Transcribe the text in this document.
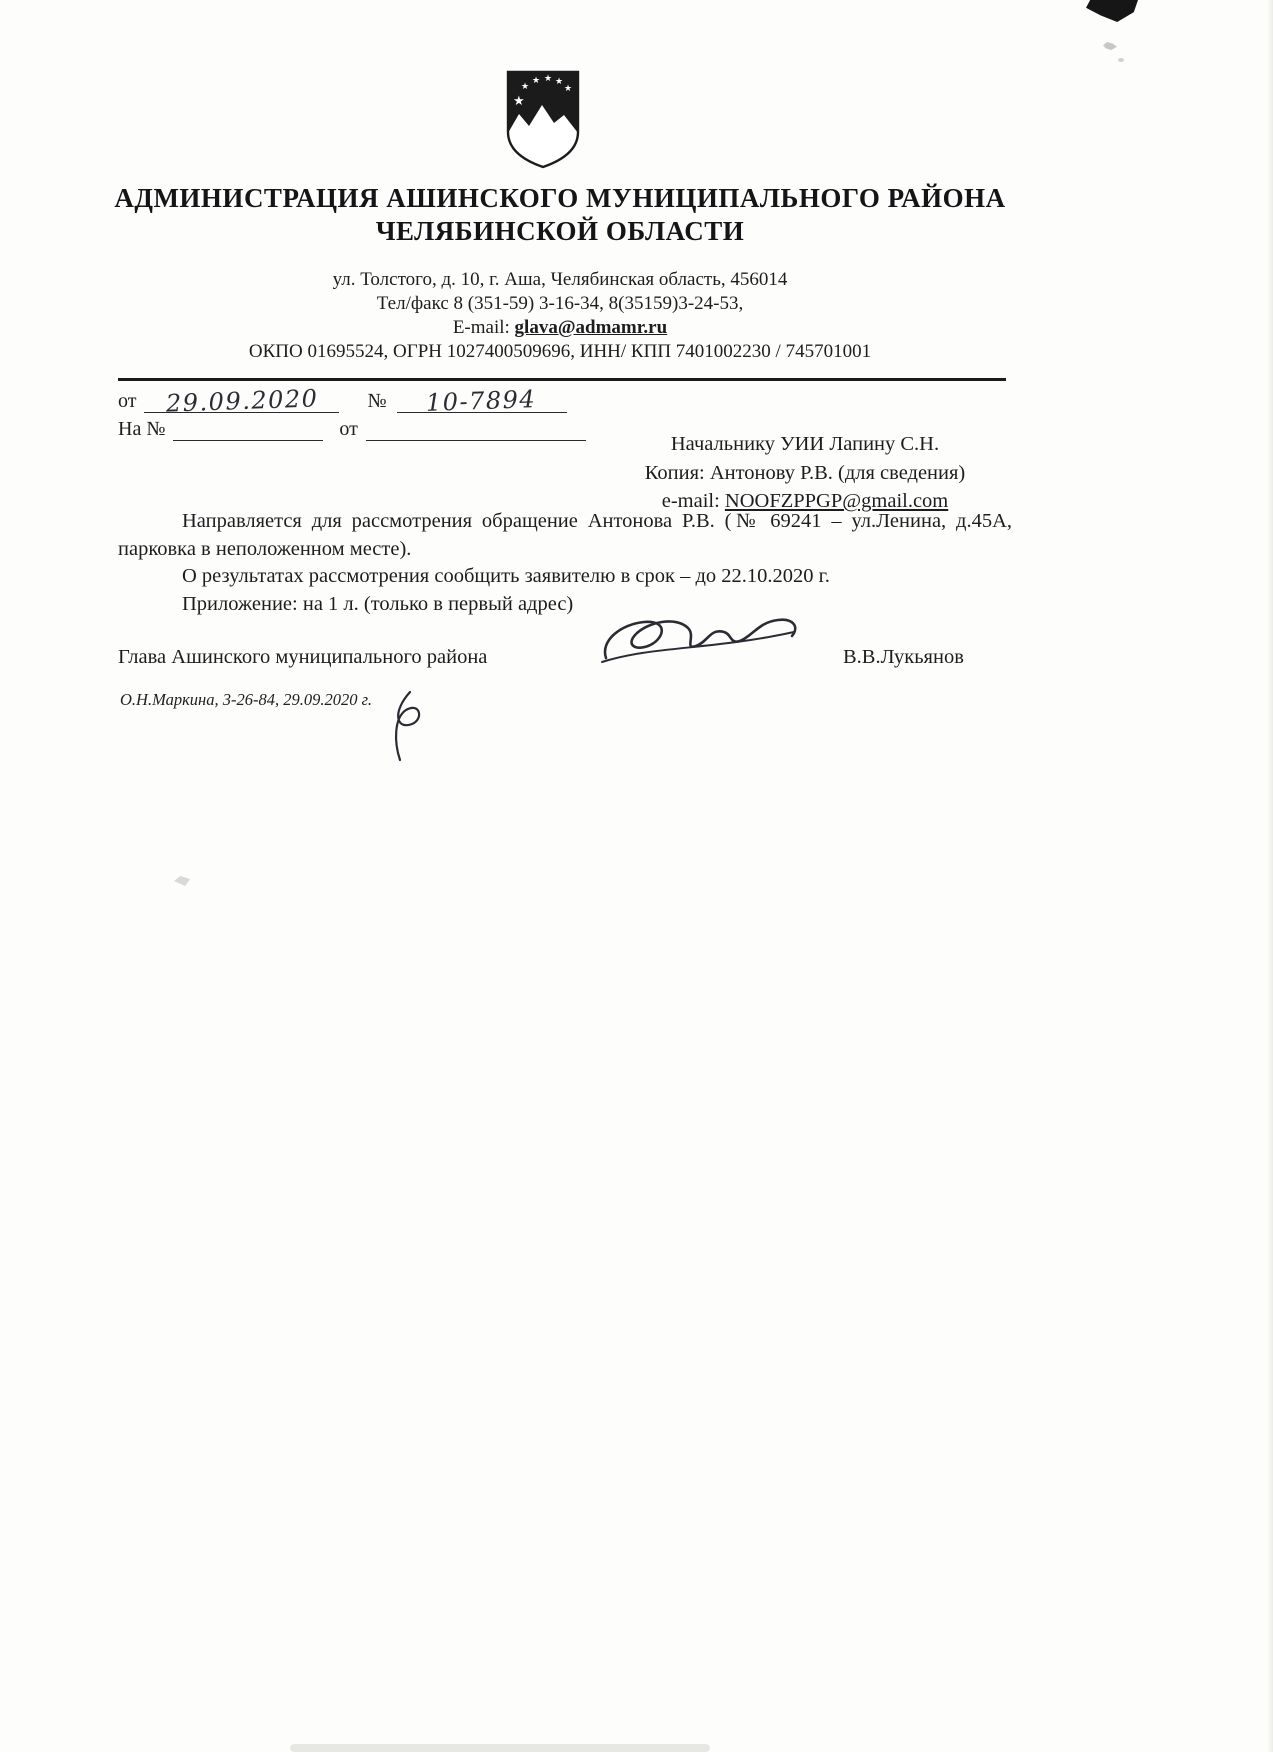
★
★
★ ★ ★
★
АДМИНИСТРАЦИЯ АШИНСКОГО МУНИЦИПАЛЬНОГО РАЙОНА
ЧЕЛЯБИНСКОЙ ОБЛАСТИ
ул. Толстого, д. 10, г. Аша, Челябинская область, 456014
Тел/факс 8 (351-59) 3-16-34, 8(35159)3-24-53,
E-mail: glava@admamr.ru
ОКПО 01695524, ОГРН 1027400509696, ИНН/ КПП 7401002230 / 745701001
от 29.09.2020 № 10-7894
На №	от
Начальнику УИИ Лапину С.Н.
Копия: Антонову Р.В. (для сведения)
e-mail: NOOFZPPGP@gmail.com

Направляется для рассмотрения обращение Антонова Р.В. (№ 69241 – ул.Ленина, д.45А, парковка в неположенном месте).

О результатах рассмотрения сообщить заявителю в срок – до 22.10.2020 г.

Приложение: на 1 л. (только в первый адрес)

Глава Ашинского муниципального района	В.В.Лукьянов
О.Н.Маркина, 3-26-84, 29.09.2020 г.
